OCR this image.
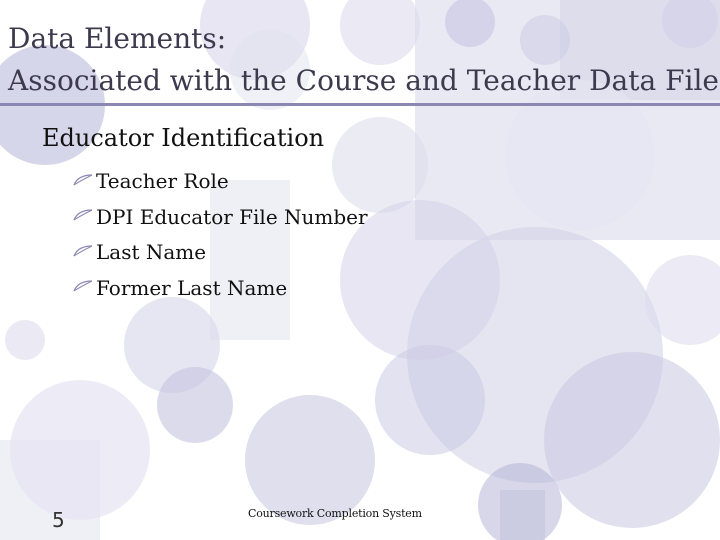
Data Elements:
Associated with the Course and Teacher Data File
Educator Identification
Teacher Role
DPI Educator File Number
Last Name
Former Last Name
5	Coursework Completion System
